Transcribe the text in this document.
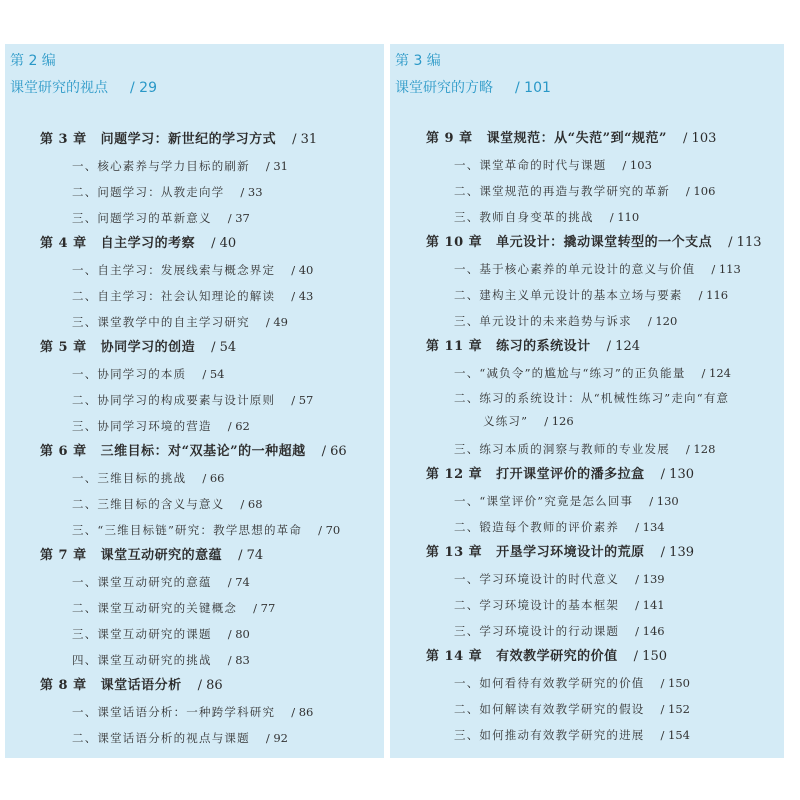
第 2 编
课堂研究的视点 / 29
第 3 章 问题学习：新世纪的学习方式 / 31
一、核心素养与学力目标的刷新 / 31
二、问题学习：从教走向学 / 33
三、问题学习的革新意义 / 37
第 4 章 自主学习的考察 / 40
一、自主学习：发展线索与概念界定 / 40
二、自主学习：社会认知理论的解读 / 43
三、课堂教学中的自主学习研究 / 49
第 5 章 协同学习的创造 / 54
一、协同学习的本质 / 54
二、协同学习的构成要素与设计原则 / 57
三、协同学习环境的营造 / 62
第 6 章 三维目标：对“双基论”的一种超越 / 66
一、三维目标的挑战 / 66
二、三维目标的含义与意义 / 68
三、“三维目标链”研究：教学思想的革命 / 70
第 7 章 课堂互动研究的意蕴 / 74
一、课堂互动研究的意蕴 / 74
二、课堂互动研究的关键概念 / 77
三、课堂互动研究的课题 / 80
四、课堂互动研究的挑战 / 83
第 8 章 课堂话语分析 / 86
一、课堂话语分析：一种跨学科研究 / 86
二、课堂话语分析的视点与课题 / 92
第 3 编
课堂研究的方略 / 101
第 9 章 课堂规范：从“失范”到“规范” / 103
一、课堂革命的时代与课题 / 103
二、课堂规范的再造与教学研究的革新 / 106
三、教师自身变革的挑战 / 110
第 10 章 单元设计：撬动课堂转型的一个支点 / 113
一、基于核心素养的单元设计的意义与价值 / 113
二、建构主义单元设计的基本立场与要素 / 116
三、单元设计的未来趋势与诉求 / 120
第 11 章 练习的系统设计 / 124
一、“减负令”的尴尬与“练习”的正负能量 / 124
二、练习的系统设计：从“机械性练习”走向“有意
义练习” / 126
三、练习本质的洞察与教师的专业发展 / 128
第 12 章 打开课堂评价的潘多拉盒 / 130
一、“课堂评价”究竟是怎么回事 / 130
二、锻造每个教师的评价素养 / 134
第 13 章 开垦学习环境设计的荒原 / 139
一、学习环境设计的时代意义 / 139
二、学习环境设计的基本框架 / 141
三、学习环境设计的行动课题 / 146
第 14 章 有效教学研究的价值 / 150
一、如何看待有效教学研究的价值 / 150
二、如何解读有效教学研究的假设 / 152
三、如何推动有效教学研究的进展 / 154
